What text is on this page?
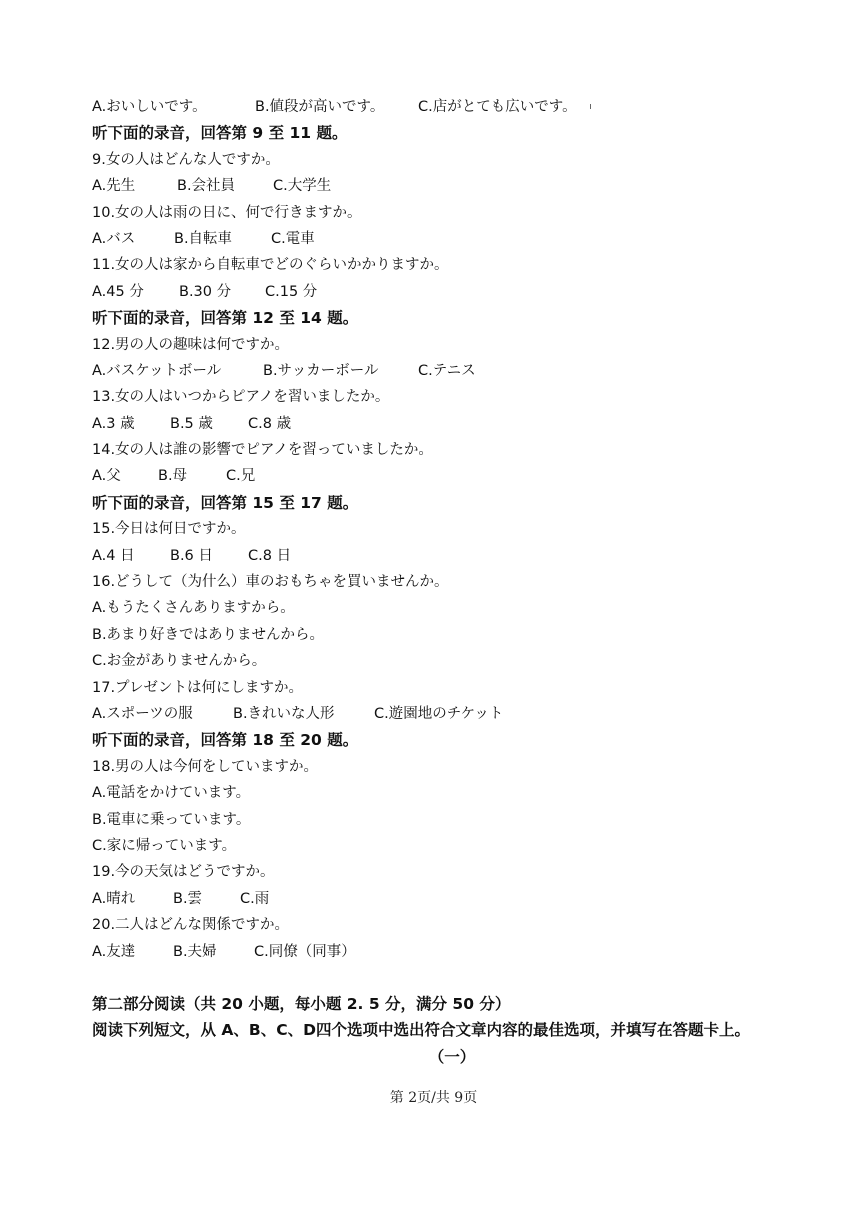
A.おいしいです。	B.値段が高いです。 C.店がとても広いです。
听下面的录音，回答第 9 至 11 题。
9.女の人はどんな人ですか。
A.先生	B.会社員	C.大学生
10.女の人は雨の日に、何で行きますか。
A.バス	B.自転車	C.電車
11.女の人は家から自転車でどのぐらいかかりますか。
A.45 分 B.30 分 C.15 分
听下面的录音，回答第 12 至 14 题。
12.男の人の趣味は何ですか。
A.バスケットボール	B.サッカーボール	C.テニス
13.女の人はいつからピアノを習いましたか。
A.3 歳 B.5 歳 C.8 歳
14.女の人は誰の影響でピアノを習っていましたか。
A.父	B.母	C.兄
听下面的录音，回答第 15 至 17 题。
15.今日は何日ですか。
A.4 日 B.6 日 C.8 日
16.どうして（为什么）車のおもちゃを買いませんか。
A.もうたくさんありますから。
B.あまり好きではありませんから。
C.お金がありませんから。
17.プレゼントは何にしますか。
A.スポーツの服	B.きれいな人形	C.遊園地のチケット
听下面的录音，回答第 18 至 20 题。
18.男の人は今何をしていますか。
A.電話をかけています。
B.電車に乗っています。
C.家に帰っています。
19.今の天気はどうですか。
A.晴れ	B.雲	C.雨
20.二人はどんな関係ですか。
A.友達	B.夫婦	C.同僚（同事）
第二部分阅读（共 20 小题，每小题 2. 5 分，满分 50 分）
阅读下列短文，从 A、B、C、D四个选项中选出符合文章内容的最佳选项，并填写在答题卡上。
（一）
第 2页/共 9页
